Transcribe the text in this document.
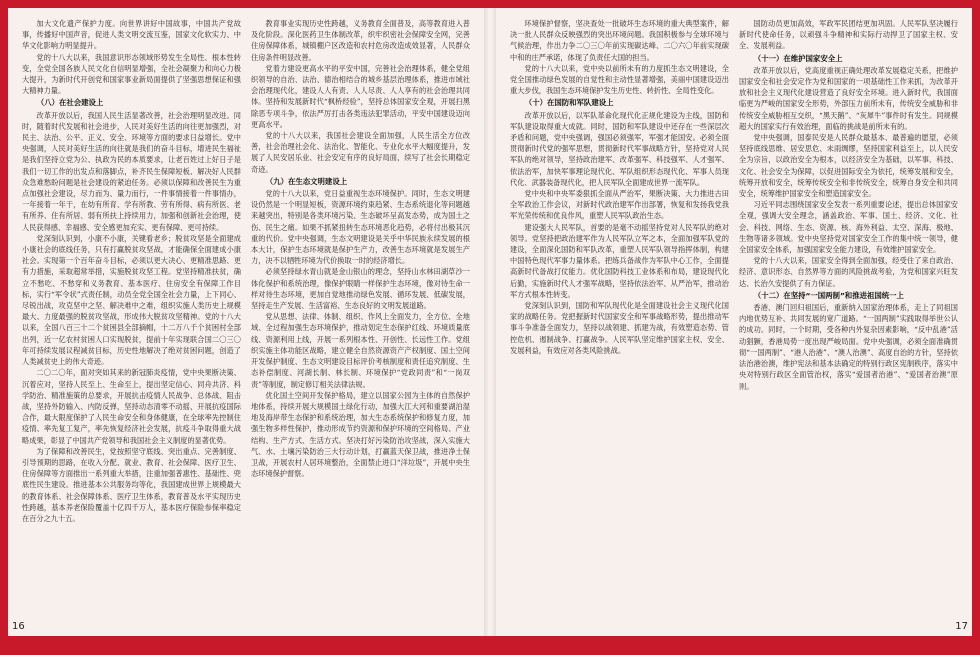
加大文化遗产保护力度。向世界讲好中国故事，中国共产党故事，传播好中国声音，促进人类文明交流互鉴，国家文化软实力、中华文化影响力明显提升。

党的十八大以来，我国意识形态领域形势发生全局性、根本性转变，全党全国各族人民文化自信明显增强，全社会凝聚力和向心力极大提升，为新时代开创党和国家事业新局面提供了坚强思想保证和强大精神力量。

（八）在社会建设上

改革开放以后，我国人民生活显著改善，社会治理明显改进。同时，随着时代发展和社会进步，人民对美好生活的向往更加强烈，对民主、法治、公平、正义、安全、环境等方面的要求日益增长。党中央强调，人民对美好生活的向往就是我们的奋斗目标，增进民生福祉是我们坚持立党为公、执政为民的本质要求，让老百姓过上好日子是我们一切工作的出发点和落脚点，补齐民生保障短板、解决好人民群众急难愁盼问题是社会建设的紧迫任务。必须以保障和改善民生为重点加强社会建设，尽力而为、量力而行，一件事情接着一件事情办，一年接着一年干，在幼有所育、学有所教、劳有所得、病有所医、老有所养、住有所居、弱有所扶上持续用力，加强和创新社会治理，使人民获得感、幸福感、安全感更加充实、更有保障、更可持续。

党深刻认识到，小康不小康，关键看老乡；脱贫攻坚是全面建成小康社会的底线任务，只有打赢脱贫攻坚战，才能确保全面建成小康社会。实现第一个百年奋斗目标，必须以更大决心、更精准思路、更有力措施，采取超常举措，实施脱贫攻坚工程。党坚持精准扶贫，确立不愁吃、不愁穿和义务教育、基本医疗、住房安全有保障工作目标，实行“军令状”式责任制，动员全党全国全社会力量，上下同心、尽锐出战，攻克坚中之坚、解决难中之难，组织实施人类历史上规模最大、力度最强的脱贫攻坚战，形成伟大脱贫攻坚精神。党的十八大以来，全国八百三十二个贫困县全部摘帽，十二万八千个贫困村全部出列，近一亿农村贫困人口实现脱贫，提前十年实现联合国二〇三〇年可持续发展议程减贫目标，历史性地解决了绝对贫困问题，创造了人类减贫史上的伟大奇迹。

二〇二〇年，面对突如其来的新冠肺炎疫情，党中央果断决策、沉着应对，坚持人民至上、生命至上，提出坚定信心、同舟共济、科学防治、精准施策的总要求，开展抗击疫情人民战争、总体战、阻击战，坚持外防输入、内防反弹，坚持动态清零不动摇，开展抗疫国际合作，最大限度保护了人民生命安全和身体健康，在全球率先控制住疫情、率先复工复产，率先恢复经济社会发展，抗疫斗争取得重大战略成果，彰显了中国共产党领导和我国社会主义制度的显著优势。

为了保障和改善民生，党按照坚守底线、突出重点、完善制度、引导预期的思路，在收入分配、就业、教育、社会保障、医疗卫生、住房保障等方面推出一系列重大举措，注重加强普惠性、基础性、兜底性民生建设。推进基本公共服务均等化，我国建成世界上规模最大的教育体系、社会保障体系、医疗卫生体系，教育普及水平实现历史性跨越，基本养老保险覆盖十亿四千万人，基本医疗保险参保率稳定在百分之九十五。

教育事业实现历史性跨越，义务教育全面普及，高等教育进入普及化阶段。深化医药卫生体制改革，织牢织密社会保障安全网，完善住房保障体系，城镇棚户区改造和农村危房改造成效显著，人民群众住房条件明显改善。

党着力建设更高水平的平安中国，完善社会治理体系，健全党组织领导的自治、法治、德治相结合的城乡基层治理体系，推进市域社会治理现代化，建设人人有责、人人尽责、人人享有的社会治理共同体。坚持和发展新时代“枫桥经验”，坚持总体国家安全观，开展扫黑除恶专项斗争，依法严厉打击各类违法犯罪活动，平安中国建设迈向更高水平。

党的十八大以来，我国社会建设全面加强，人民生活全方位改善，社会治理社会化、法治化、智能化、专业化水平大幅度提升，发展了人民安居乐业、社会安定有序的良好局面，续写了社会长期稳定奇迹。

（九）在生态文明建设上

党的十八大以来，党日益重视生态环境保护。同时，生态文明建设仍然是一个明显短板，资源环境约束趋紧、生态系统退化等问题越来越突出，特别是各类环境污染、生态破坏呈高发态势，成为国土之伤、民生之痛。如果不抓紧扭转生态环境恶化趋势，必将付出极其沉重的代价。党中央强调，生态文明建设是关乎中华民族永续发展的根本大计，保护生态环境就是保护生产力，改善生态环境就是发展生产力，决不以牺牲环境为代价换取一时的经济增长。

必须坚持绿水青山就是金山银山的理念，坚持山水林田湖草沙一体化保护和系统治理，像保护眼睛一样保护生态环境，像对待生命一样对待生态环境，更加自觉地推动绿色发展、循环发展、低碳发展，坚持走生产发展、生活富裕、生态良好的文明发展道路。

党从思想、法律、体制、组织、作风上全面发力，全方位、全地域、全过程加强生态环境保护，推动划定生态保护红线、环境质量底线、资源利用上线，开展一系列根本性、开创性、长远性工作。党组织实施主体功能区战略，建立健全自然资源资产产权制度、国土空间开发保护制度、生态文明建设目标评价考核制度和责任追究制度、生态补偿制度、河湖长制、林长制、环境保护“党政同责”和“一岗双责”等制度，制定修订相关法律法规。

优化国土空间开发保护格局，建立以国家公园为主体的自然保护地体系，持续开展大规模国土绿化行动，加强大江大河和重要湖泊湿地及海岸带生态保护和系统治理，加大生态系统保护和修复力度，加强生物多样性保护，推动形成节约资源和保护环境的空间格局、产业结构、生产方式、生活方式。坚决打好污染防治攻坚战，深入实施大气、水、土壤污染防治三大行动计划，打赢蓝天保卫战，推进净土保卫战，开展农村人居环境整治，全面禁止进口“洋垃圾”，开展中央生态环境保护督察。

16

环境保护督察，坚决查处一批破坏生态环境的重大典型案件，解决一批人民群众反映强烈的突出环境问题。我国积极参与全球环境与气候治理，作出力争二〇三〇年前实现碳达峰、二〇六〇年前实现碳中和的庄严承诺，体现了负责任大国的担当。

党的十八大以来，党中央以前所未有的力度抓生态文明建设，全党全国推动绿色发展的自觉性和主动性显著增强，美丽中国建设迈出重大步伐，我国生态环境保护发生历史性、转折性、全局性变化。

（十）在国防和军队建设上

改革开放以后，以军队革命化现代化正规化建设为主线，国防和军队建设取得重大成就。同时，国防和军队建设中还存在一些深层次矛盾和问题，党中央强调，强国必须强军，军强才能国安。必须全面贯彻新时代党的强军思想，贯彻新时代军事战略方针，坚持党对人民军队的绝对领导，坚持政治建军、改革强军、科技强军、人才强军、依法治军，加快军事理论现代化、军队组织形态现代化、军事人员现代化、武器装备现代化，把人民军队全面建成世界一流军队。

党中央和中央军委狠抓全面从严治军，果断决策、大力推进古田全军政治工作会议，对新时代政治建军作出部署，恢复和发扬我党我军光荣传统和优良作风，重塑人民军队政治生态。

建设强大人民军队，首要的是毫不动摇坚持党对人民军队的绝对领导。党坚持把政治建军作为人民军队立军之本，全面加强军队党的建设，全面深化国防和军队改革，重塑人民军队领导指挥体制，构建中国特色现代军事力量体系。把练兵备战作为军队中心工作，全面提高新时代备战打仗能力。优化国防科技工业体系和布局，建设现代化后勤，实施新时代人才强军战略，坚持依法治军、从严治军，推动治军方式根本性转变。

党深刻认识到，国防和军队现代化是全面建设社会主义现代化国家的战略任务。党把握新时代国家安全和军事战略形势，提出推动军事斗争准备全面发力，坚持以战领建、抓建为战，有效塑造态势、管控危机、遏制战争、打赢战争。人民军队坚定维护国家主权、安全、发展利益，有效应对各类风险挑战。

国防动员更加高效，军政军民团结更加巩固。人民军队坚决履行新时代使命任务，以顽强斗争精神和实际行动捍卫了国家主权、安全、发展利益。

（十一）在维护国家安全上

改革开放以后，党高度重视正确处理改革发展稳定关系，把维护国家安全和社会安定作为党和国家的一项基础性工作来抓，为改革开放和社会主义现代化建设营造了良好安全环境。进入新时代，我国面临更为严峻的国家安全形势，外部压力前所未有，传统安全威胁和非传统安全威胁相互交织，“黑天鹅”、“灰犀牛”事件时有发生。同规模超大的国家实行有效治理，面临的挑战是前所未有的。

党中央强调，国泰民安是人民群众最基本、最普遍的愿望，必须坚持底线思维、居安思危、未雨绸缪，坚持国家利益至上，以人民安全为宗旨，以政治安全为根本，以经济安全为基础，以军事、科技、文化、社会安全为保障，以促进国际安全为依托，统筹发展和安全，统筹开放和安全，统筹传统安全和非传统安全，统筹自身安全和共同安全，统筹维护国家安全和塑造国家安全。

习近平同志围绕国家安全发表一系列重要论述，提出总体国家安全观，强调大安全理念，涵盖政治、军事、国土、经济、文化、社会、科技、网络、生态、资源、核、海外利益、太空、深海、极地、生物等诸多领域。党中央坚持党对国家安全工作的集中统一领导，健全国家安全体系，加强国家安全能力建设，有效维护国家安全。

党的十八大以来，国家安全得到全面加强，经受住了来自政治、经济、意识形态、自然界等方面的风险挑战考验，为党和国家兴旺发达、长治久安提供了有力保证。

（十二）在坚持“一国两制”和推进祖国统一上

香港、澳门回归祖国后，重新纳入国家治理体系，走上了同祖国内地优势互补、共同发展的宽广道路。“一国两制”实践取得举世公认的成功。同时，一个时期，受各种内外复杂因素影响，“反中乱港”活动猖獗，香港局势一度出现严峻局面。党中央强调，必须全面准确贯彻“一国两制”、“港人治港”、“澳人治澳”、高度自治的方针，坚持依法治港治澳，维护宪法和基本法确定的特别行政区宪制秩序，落实中央对特别行政区全面管治权，落实“爱国者治港”、“爱国者治澳”原则。

17
